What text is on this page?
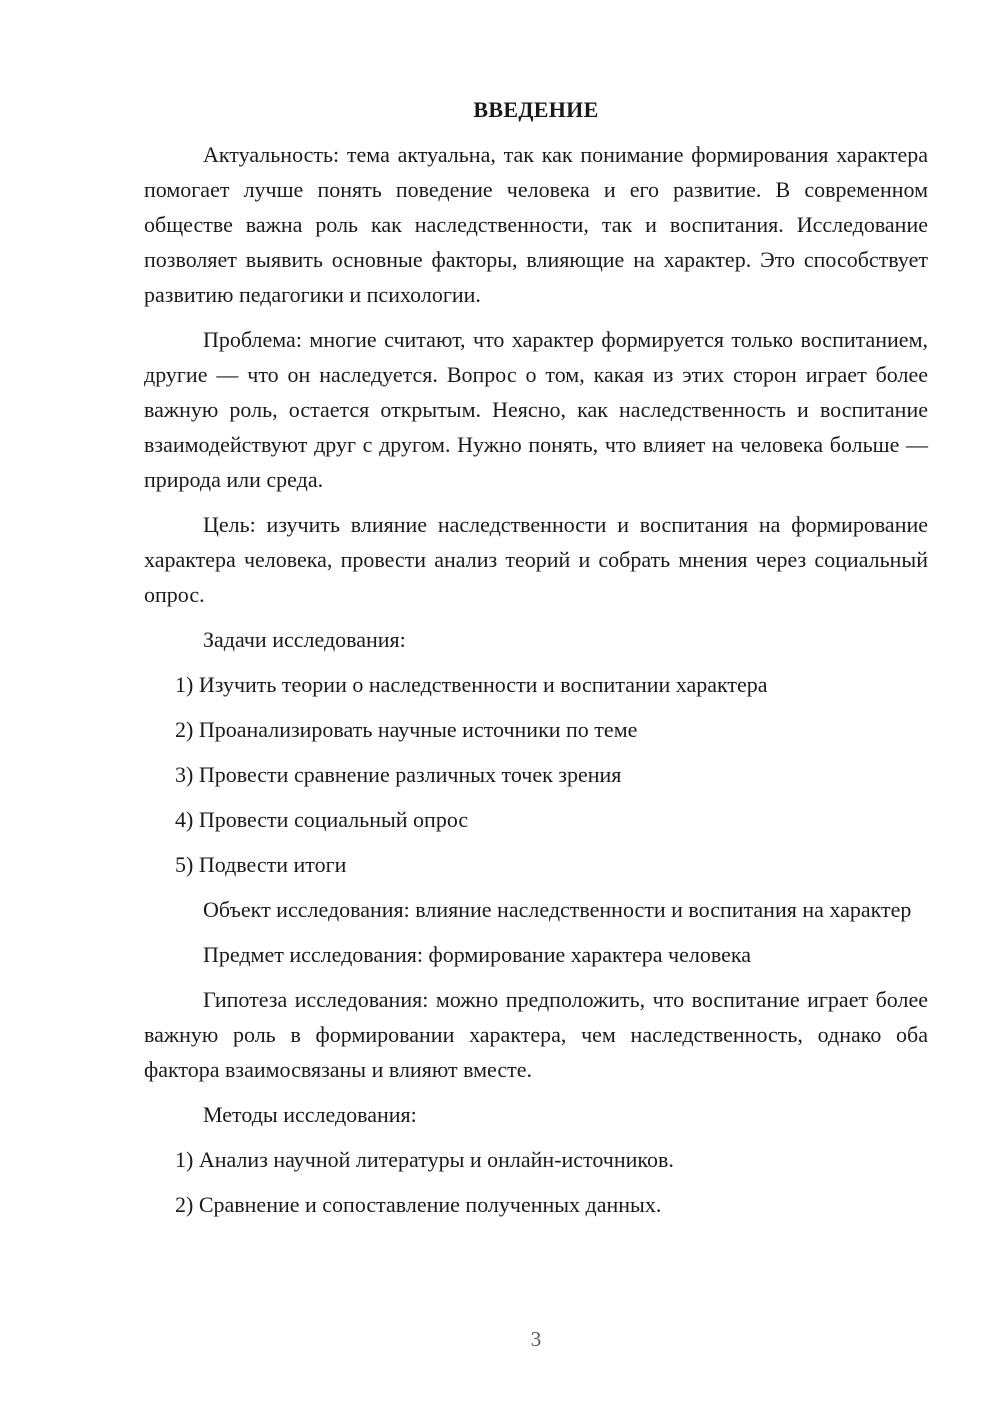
ВВЕДЕНИЕ

Актуальность: тема актуальна, так как понимание формирования характера помогает лучше понять поведение человека и его развитие. В современном обществе важна роль как наследственности, так и воспитания. Исследование позволяет выявить основные факторы, влияющие на характер. Это способствует развитию педагогики и психологии.

Проблема: многие считают, что характер формируется только воспитанием, другие — что он наследуется. Вопрос о том, какая из этих сторон играет более важную роль, остается открытым. Неясно, как наследственность и воспитание взаимодействуют друг с другом. Нужно понять, что влияет на человека больше — природа или среда.

Цель: изучить влияние наследственности и воспитания на формирование характера человека, провести анализ теорий и собрать мнения через социальный опрос.

Задачи исследования:

1) Изучить теории о наследственности и воспитании характера

2) Проанализировать научные источники по теме

3) Провести сравнение различных точек зрения

4) Провести социальный опрос

5) Подвести итоги

Объект исследования: влияние наследственности и воспитания на характер

Предмет исследования: формирование характера человека

Гипотеза исследования: можно предположить, что воспитание играет более важную роль в формировании характера, чем наследственность, однако оба фактора взаимосвязаны и влияют вместе.

Методы исследования:

1) Анализ научной литературы и онлайн-источников.

2) Сравнение и сопоставление полученных данных.

3
